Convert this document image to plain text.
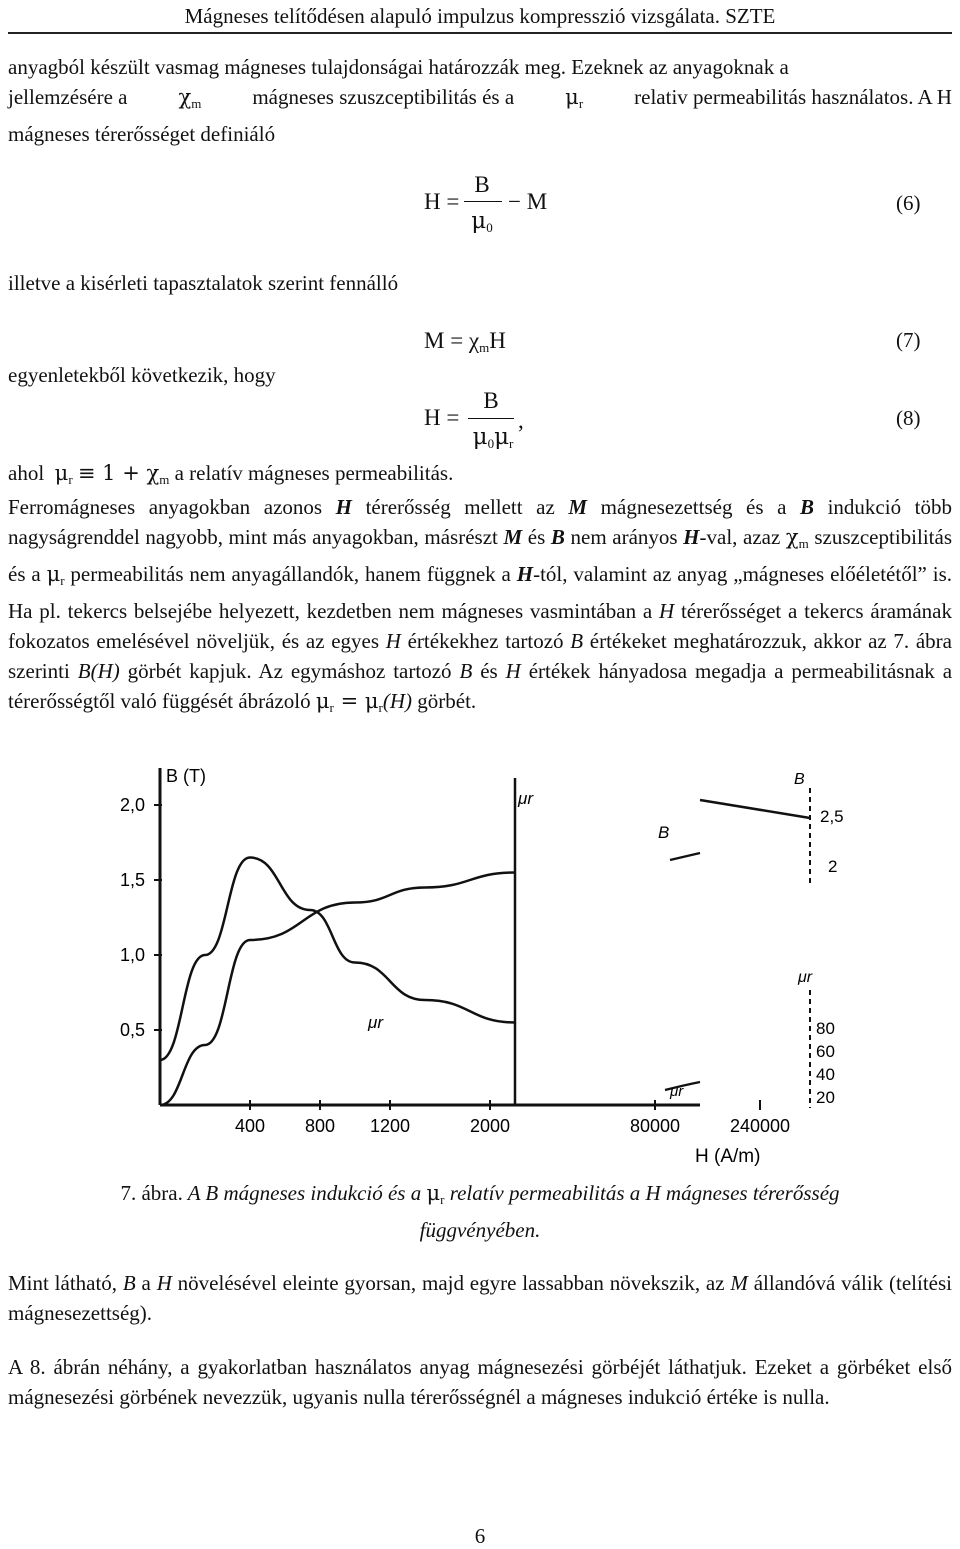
Mágneses telítődésen alapuló impulzus kompresszió vizsgálata. SZTE
anyagból készült vasmag mágneses tulajdonságai határozzák meg. Ezeknek az anyagoknak a
jellemzésére a $\chi_m$ mágneses szuszceptibilitás és a $\mu_r$ relativ permeabilitás használatos. A H
mágneses térerősséget definiáló
H =
B
$\mu_0$
− M	(6)
illetve a kisérleti tapasztalatok szerint fennálló
$M = \chi_mH$	(7)
egyenletekből következik, hogy
H =
B
$\mu_0\mu_r$
,	(8)
ahol $\mu_r \equiv 1 + \chi_m$ a relatív mágneses permeabilitás.

Ferromágneses anyagokban azonos H térerősség mellett az M mágnesezettség és a B indukció több nagyságrenddel nagyobb, mint más anyagokban, másrészt M és B nem arányos H-val, azaz $\chi_m$ szuszceptibilitás és a $\mu_r$ permeabilitás nem anyagállandók, hanem függnek a H-tól, valamint az anyag „mágneses előéletétől” is. Ha pl. tekercs belsejébe helyezett, kezdetben nem mágneses vasmintában a H térerősséget a tekercs áramának fokozatos emelésével növeljük, és az egyes H értékekhez tartozó B értékeket meghatározzuk, akkor az 7. ábra szerinti B(H) görbét kapjuk. Az egymáshoz tartozó B és H értékek hányadosa megadja a permeabilitásnak a térerősségtől való függését ábrázoló $\mu_r = \mu_r(H)$ görbét.

B (T)
2,0
1,5
1,0
0,5
μr
B
μr
μr
400 800 1200	2000	80000	240000
H (A/m)
B
2,5
2
μr
80
60
40
20
7. ábra. A B mágneses indukció és a $\mu_r$ relatív permeabilitás a H mágneses térerősség
függvényében.

Mint látható, B a H növelésével eleinte gyorsan, majd egyre lassabban növekszik, az M állandóvá válik (telítési mágnesezettség).

A 8. ábrán néhány, a gyakorlatban használatos anyag mágnesezési görbéjét láthatjuk. Ezeket a görbéket első mágnesezési görbének nevezzük, ugyanis nulla térerősségnél a mágneses indukció értéke is nulla.
6
